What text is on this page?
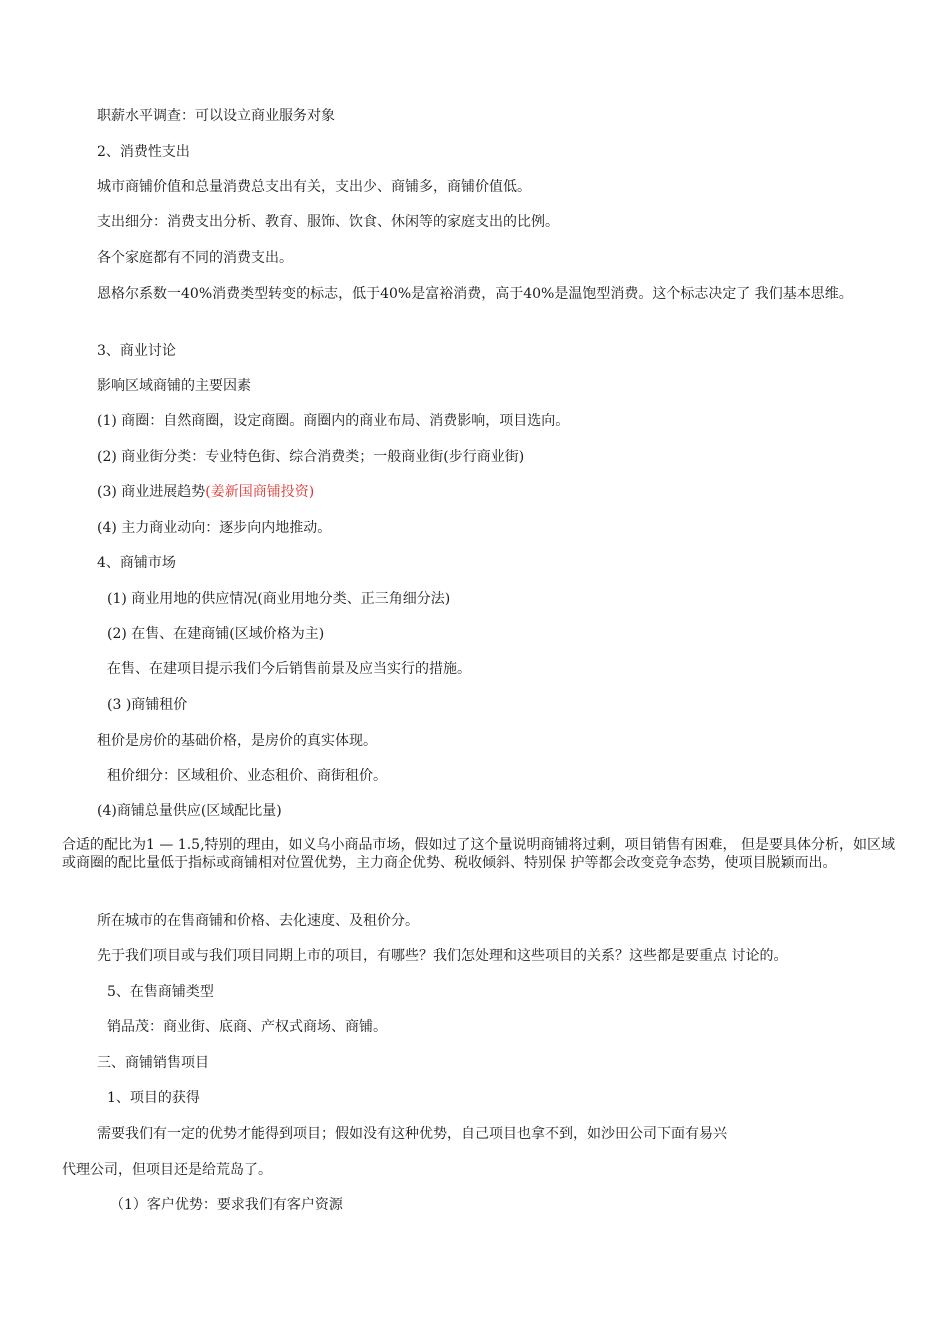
职薪水平调查：可以设立商业服务对象
2、消费性支出
城市商铺价值和总量消费总支出有关，支出少、商铺多，商铺价值低。
支出细分：消费支出分析、教育、服饰、饮食、休闲等的家庭支出的比例。
各个家庭都有不同的消费支出。
恩格尔系数一40%消费类型转变的标志，低于40%是富裕消费，高于40%是温饱型消费。这个标志决定了 我们基本思维。
3、商业讨论
影响区域商铺的主要因素
(1) 商圈：自然商圈，设定商圈。商圈内的商业布局、消费影响，项目选向。
(2) 商业街分类：专业特色街、综合消费类；一般商业街(步行商业街)
(3) 商业进展趋势(姜新国商铺投资)
(4) 主力商业动向：逐步向内地推动。
4、商铺市场
(1) 商业用地的供应情况(商业用地分类、正三角细分法)
(2) 在售、在建商铺(区域价格为主)
在售、在建项目提示我们今后销售前景及应当实行的措施。
(3 )商铺租价
租价是房价的基础价格，是房价的真实体现。
租价细分：区域租价、业态租价、商街租价。
(4)商铺总量供应(区域配比量)
合适的配比为1 — 1.5,特别的理由，如义乌小商品市场，假如过了这个量说明商铺将过剩，项目销售有困难， 但是要具体分析，如区域或商圈的配比量低于指标或商铺相对位置优势，主力商企优势、税收倾斜、特别保 护等都会改变竞争态势，使项目脱颖而出。
所在城市的在售商铺和价格、去化速度、及租价分。
先于我们项目或与我们项目同期上市的项目，有哪些？我们怎处理和这些项目的关系？这些都是要重点 讨论的。
5、在售商铺类型
销品茂：商业街、底商、产权式商场、商铺。
三、商铺销售项目
1、项目的获得
需要我们有一定的优势才能得到项目；假如没有这种优势，自己项目也拿不到，如沙田公司下面有易兴
代理公司，但项目还是给荒岛了。
（1）客户优势：要求我们有客户资源
